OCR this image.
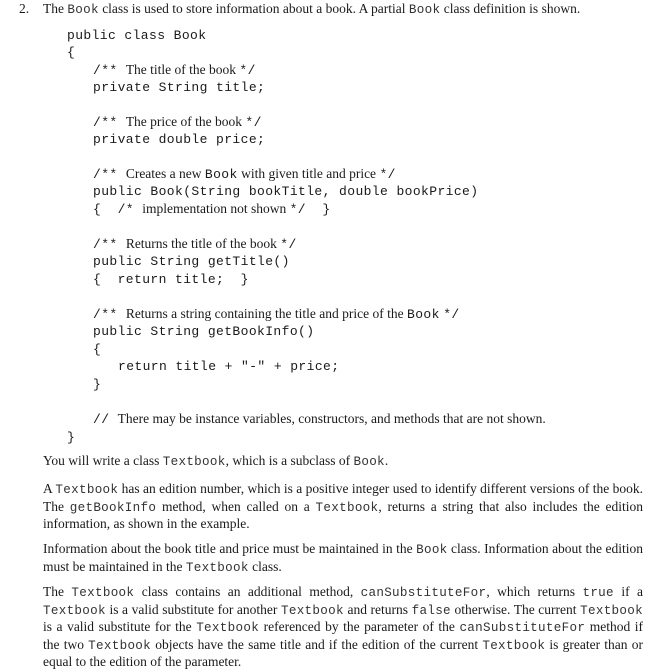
2. The Book class is used to store information about a book. A partial Book class definition is shown.
public class Book
{
/** The title of the book */
private String title;
/** The price of the book */
private double price;
/** Creates a new Book with given title and price */
public Book(String bookTitle, double bookPrice)
{  /* implementation not shown */  }
/** Returns the title of the book */
public String getTitle()
{  return title;  }
/** Returns a string containing the title and price of the Book */
public String getBookInfo()
{
return title + "-" + price;
}
// There may be instance variables, constructors, and methods that are not shown.
}
You will write a class Textbook, which is a subclass of Book.
A Textbook has an edition number, which is a positive integer used to identify different versions of the book. The getBookInfo method, when called on a Textbook, returns a string that also includes the edition information, as shown in the example.
Information about the book title and price must be maintained in the Book class. Information about the edition must be maintained in the Textbook class.
The Textbook class contains an additional method, canSubstituteFor, which returns true if a Textbook is a valid substitute for another Textbook and returns false otherwise. The current Textbook is a valid substitute for the Textbook referenced by the parameter of the canSubstituteFor method if the two Textbook objects have the same title and if the edition of the current Textbook is greater than or equal to the edition of the parameter.
